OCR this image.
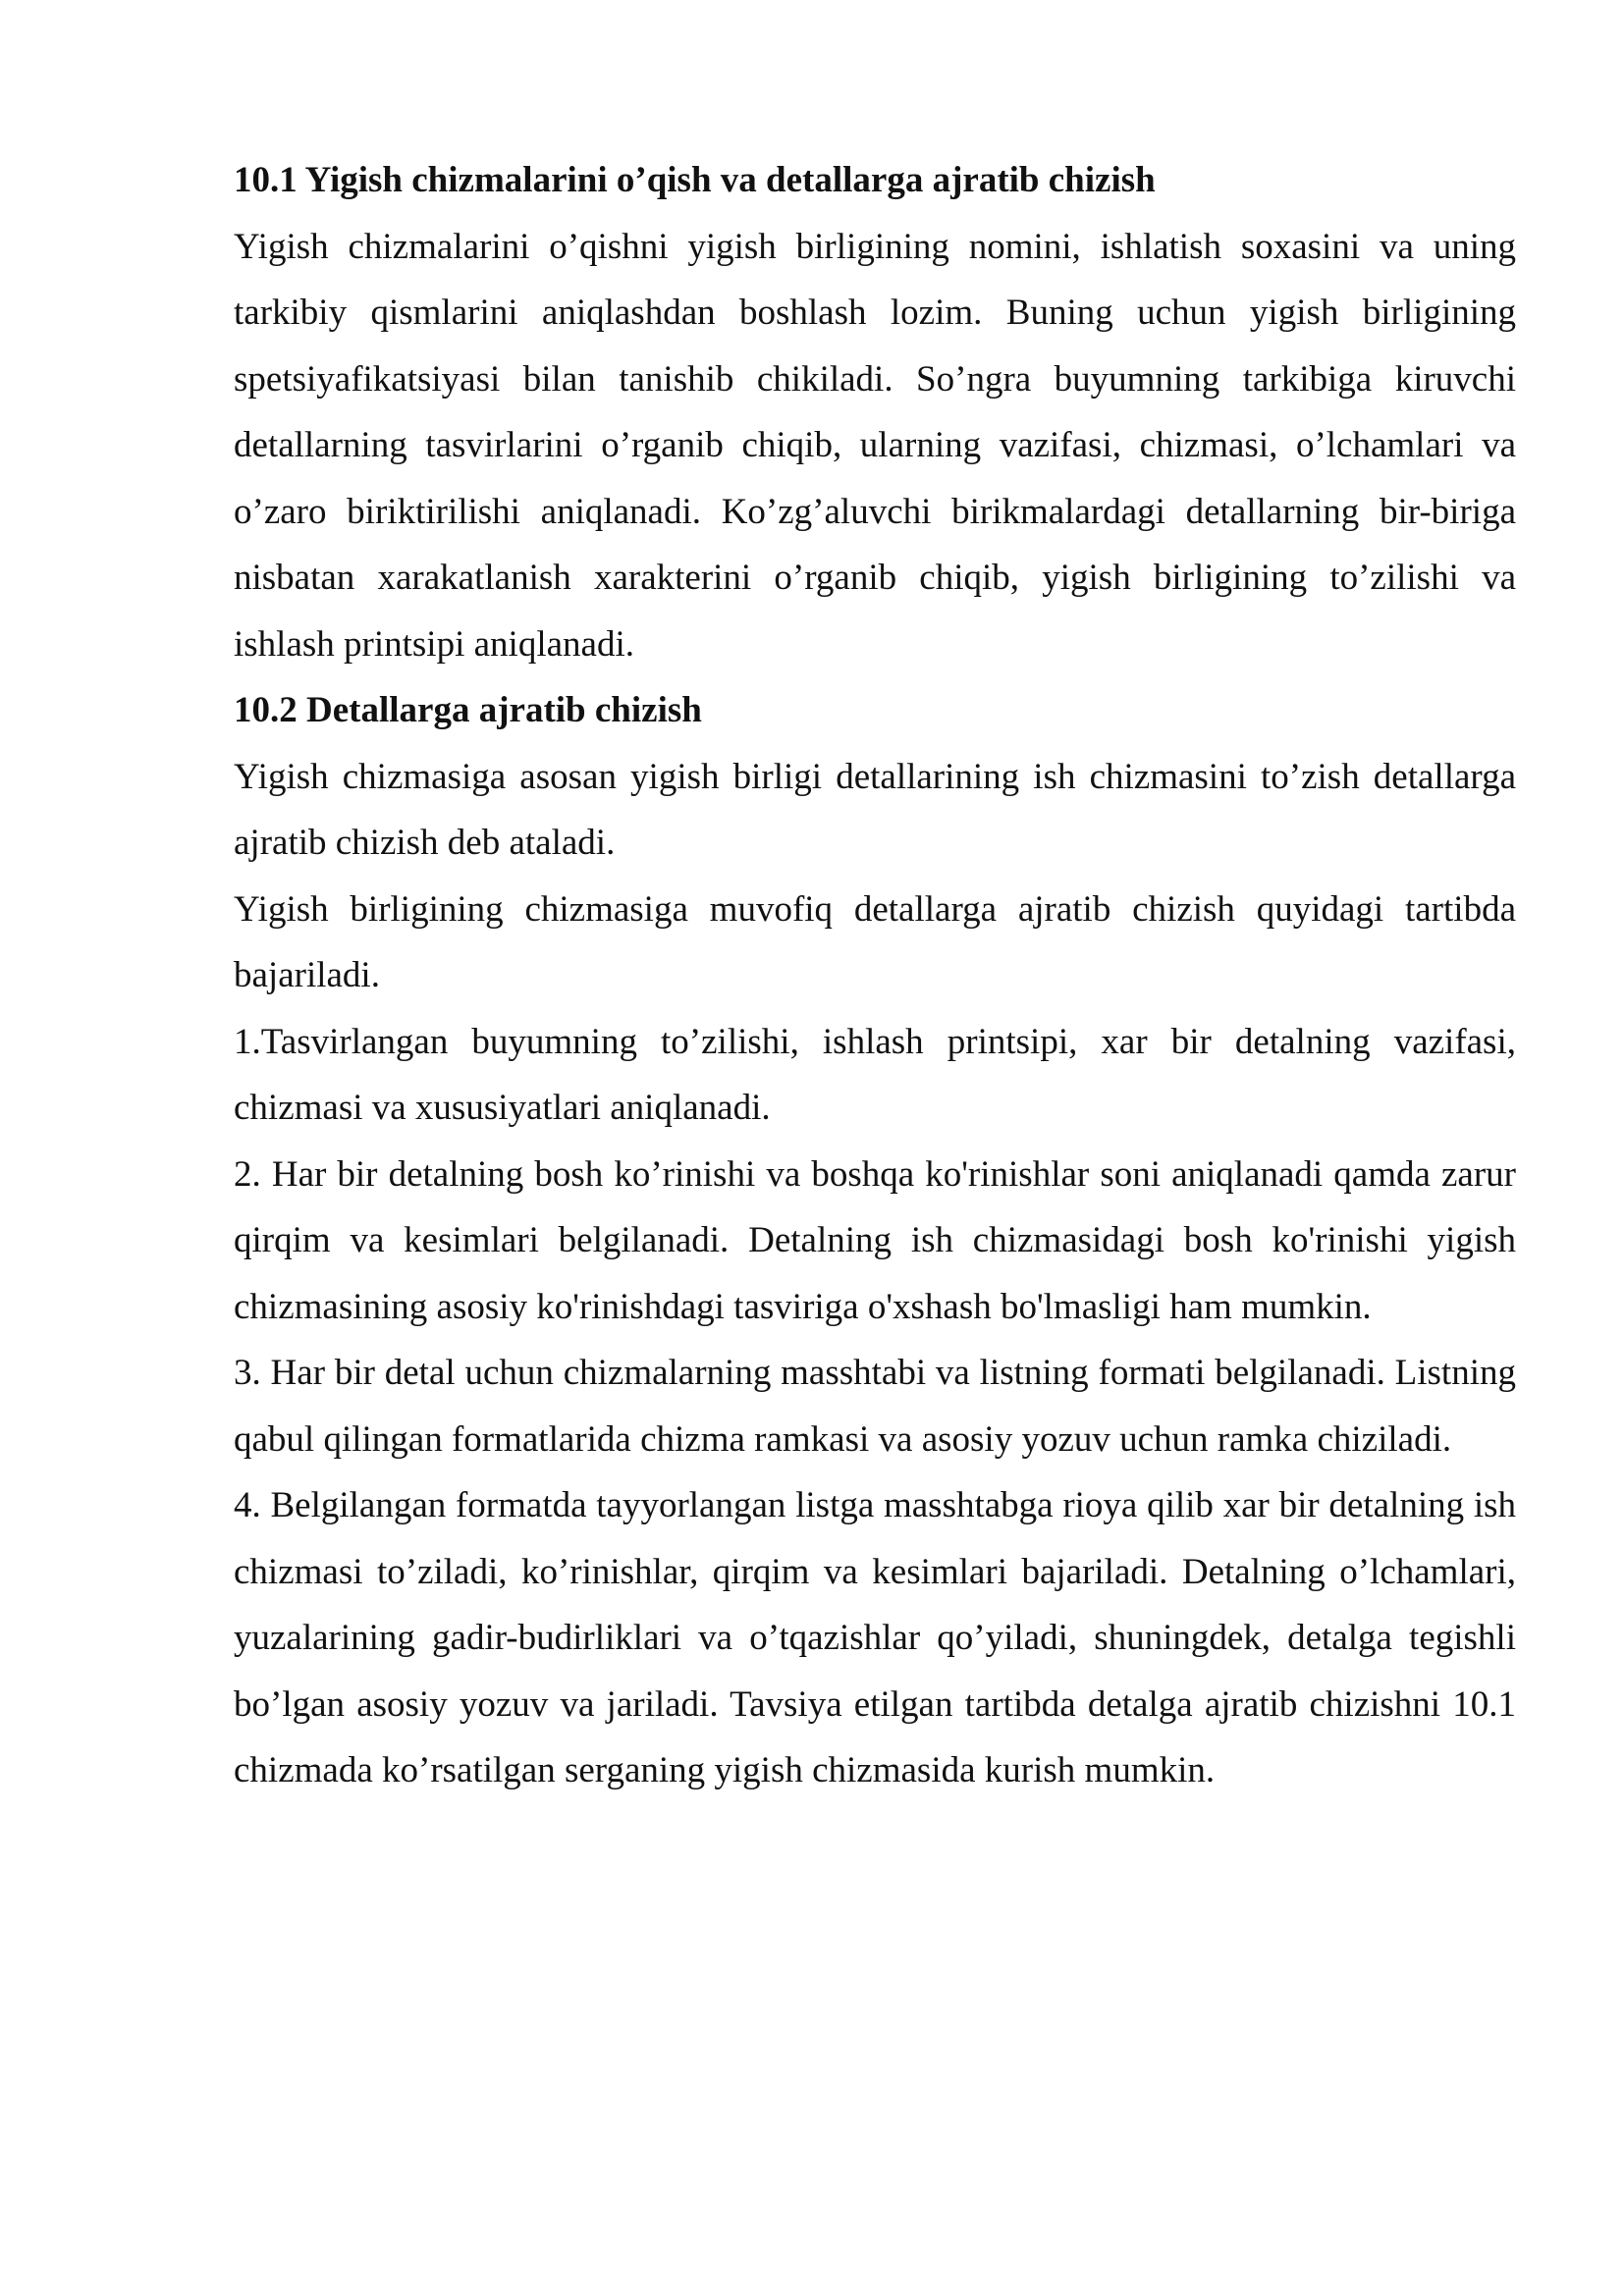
10.1 Yigish chizmalarini o’qish va detallarga ajratib chizish

Yigish chizmalarini o’qishni yigish birligining nomini, ishlatish soxasini va uning tarkibiy qismlarini aniqlashdan boshlash lozim. Buning uchun yigish birligining spetsiyafikatsiyasi bilan tanishib chikiladi. So’ngra buyumning tarkibiga kiruvchi detallarning tasvirlarini o’rganib chiqib, ularning vazifasi, chizmasi, o’lchamlari va o’zaro biriktirilishi aniqlanadi. Ko’zg’aluvchi birikmalardagi detallarning bir-biriga nisbatan xarakatlanish xarakterini o’rganib chiqib, yigish birligining to’zilishi va ishlash printsipi aniqlanadi.

10.2 Detallarga ajratib chizish

Yigish chizmasiga asosan yigish birligi detallarining ish chizmasini to’zish detallarga ajratib chizish deb ataladi.

Yigish birligining chizmasiga muvofiq detallarga ajratib chizish quyidagi tartibda bajariladi.

1.Tasvirlangan buyumning to’zilishi, ishlash printsipi, xar bir detalning vazifasi, chizmasi va xususiyatlari aniqlanadi.

2. Har bir detalning bosh ko’rinishi va boshqa ko'rinishlar soni aniqlanadi qamda zarur qirqim va kesimlari belgilanadi. Detalning ish chizmasidagi bosh ko'rinishi yigish chizmasining asosiy ko'rinishdagi tasviriga o'xshash bo'lmasligi ham mumkin.

3. Har bir detal uchun chizmalarning masshtabi va listning formati belgilanadi. Listning qabul qilingan formatlarida chizma ramkasi va asosiy yozuv uchun ramka chiziladi.

4. Belgilangan formatda tayyorlangan listga masshtabga rioya qilib xar bir detalning ish chizmasi to’ziladi, ko’rinishlar, qirqim va kesimlari bajariladi. Detalning o’lchamlari, yuzalarining gadir-budirliklari va o’tqazishlar qo’yiladi, shuningdek, detalga tegishli bo’lgan asosiy yozuv va jariladi. Tavsiya etilgan tartibda detalga ajratib chizishni 10.1 chizmada ko’rsatilgan serganing yigish chizmasida kurish mumkin.
